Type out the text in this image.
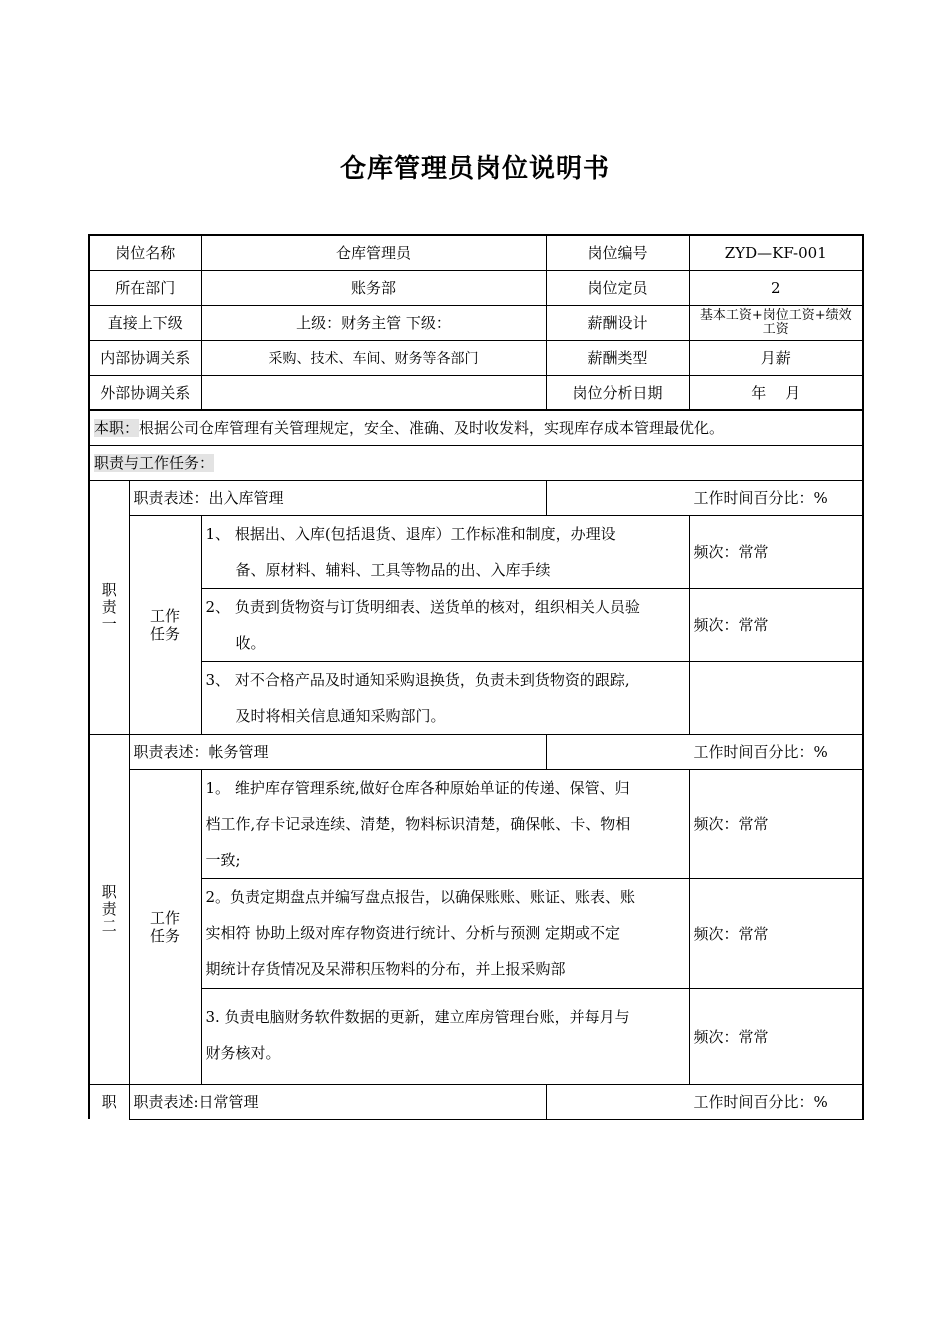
仓库管理员岗位说明书
岗位名称		仓库管理员	岗位编号	ZYD—KF-001
所在部门		账务部	岗位定员	2
直接上下级		上级：财务主管 下级：	薪酬设计	基本工资+岗位工资+绩效工资
内部协调关系		采购、技术、车间、财务等各部门	薪酬类型	月薪
外部协调关系			岗位分析日期	年    月
本职：根据公司仓库管理有关管理规定，安全、准确、及时收发料，实现库存成本管理最优化。				
职责与工作任务：				
职责一	职责表述：出入库管理		工作时间百分比：%	
	工作任务	1、 根据出、入库(包括退货、退库）工作标准和制度，办理设
备、原材料、辅料、工具等物品的出、入库手续		频次：常常

		2、 负责到货物资与订货明细表、送货单的核对，组织相关人员验
收。		频次：常常

		3、 对不合格产品及时通知采购退换货，负责未到货物资的跟踪,
及时将相关信息通知采购部门。		

职责二	职责表述：帐务管理		工作时间百分比：%	
	工作任务	1。 维护库存管理系统,做好仓库各种原始单证的传递、保管、归
档工作,存卡记录连续、清楚，物料标识清楚，确保帐、卡、物相
一致;		频次：常常

		2。负责定期盘点并编写盘点报告，以确保账账、账证、账表、账
实相符 协助上级对库存物资进行统计、分析与预测 定期或不定
期统计存货情况及呆滞积压物料的分布，并上报采购部		频次：常常

		3. 负责电脑财务软件数据的更新，建立库房管理台账，并每月与
财务核对。		频次：常常
职	职责表述:日常管理		工作时间百分比：%	
